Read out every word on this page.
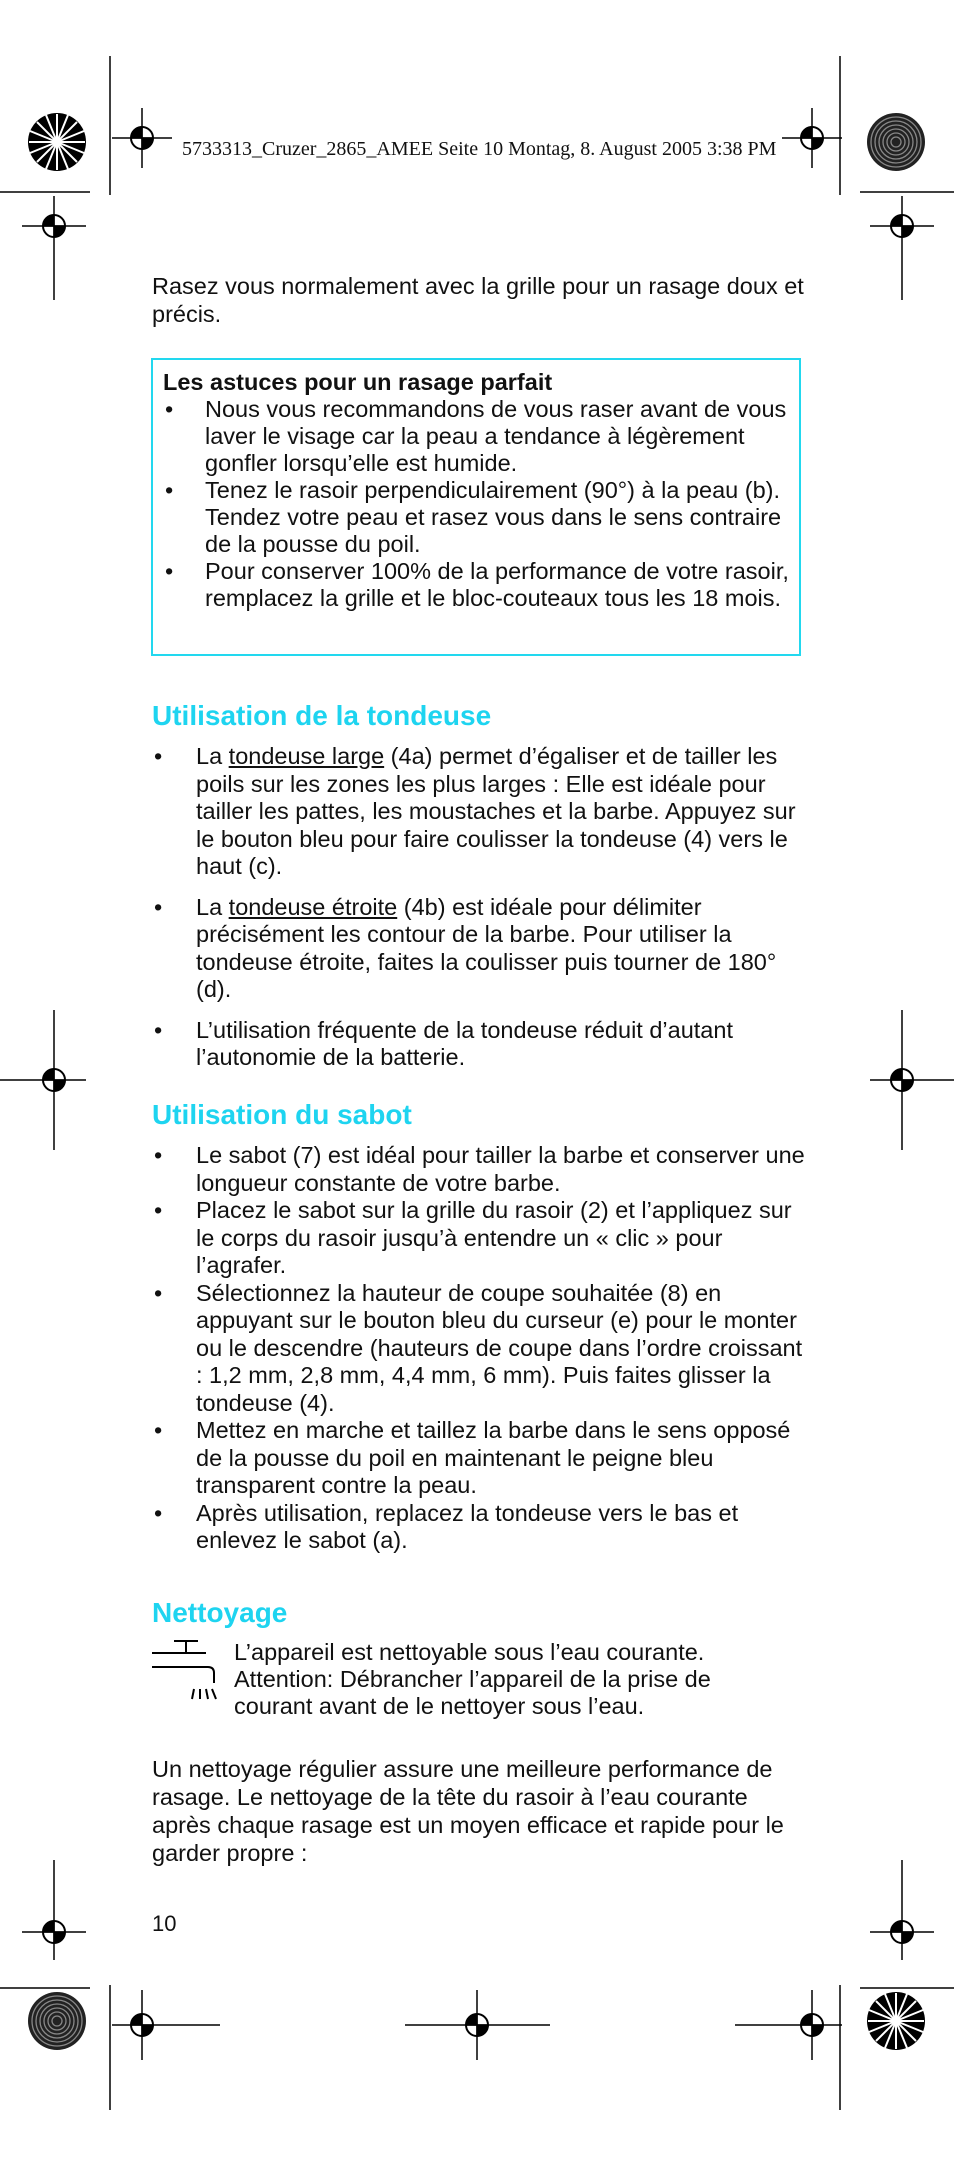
5733313_Cruzer_2865_AMEE Seite 10 Montag, 8. August 2005 3:38 PM

Rasez vous normalement avec la grille pour un rasage doux et précis.

Les astuces pour un rasage parfait

• Nous vous recommandons de vous raser avant de vous laver le visage car la peau a tendance à légèrement gonfler lorsqu’elle est humide.
• Tenez le rasoir perpendiculairement (90°) à la peau (b). Tendez votre peau et rasez vous dans le sens contraire de la pousse du poil.
• Pour conserver 100% de la performance de votre rasoir, remplacez la grille et le bloc-couteaux tous les 18 mois.
Utilisation de la tondeuse
• La tondeuse large (4a) permet d’égaliser et de tailler les poils sur les zones les plus larges : Elle est idéale pour tailler les pattes, les moustaches et la barbe. Appuyez sur le bouton bleu pour faire coulisser la tondeuse (4) vers le haut (c).
• La tondeuse étroite (4b) est idéale pour délimiter précisément les contour de la barbe. Pour utiliser la tondeuse étroite, faites la coulisser puis tourner de 180° (d).
• L’utilisation fréquente de la tondeuse réduit d’autant l’autonomie de la batterie.
Utilisation du sabot
• Le sabot (7) est idéal pour tailler la barbe et conserver une longueur constante de votre barbe.
• Placez le sabot sur la grille du rasoir (2) et l’appliquez sur le corps du rasoir jusqu’à entendre un « clic » pour l’agrafer.
• Sélectionnez la hauteur de coupe souhaitée (8) en appuyant sur le bouton bleu du curseur (e) pour le monter ou le descendre (hauteurs de coupe dans l’ordre croissant : 1,2 mm, 2,8 mm, 4,4 mm, 6 mm). Puis faites glisser la tondeuse (4).
• Mettez en marche et taillez la barbe dans le sens opposé de la pousse du poil en maintenant le peigne bleu transparent contre la peau.
• Après utilisation, replacez la tondeuse vers le bas et enlevez le sabot (a).
Nettoyage
L’appareil est nettoyable sous l’eau courante. Attention: Débrancher l’appareil de la prise de courant avant de le nettoyer sous l’eau.

Un nettoyage régulier assure une meilleure performance de rasage. Le nettoyage de la tête du rasoir à l’eau courante après chaque rasage est un moyen efficace et rapide pour le garder propre :

10
